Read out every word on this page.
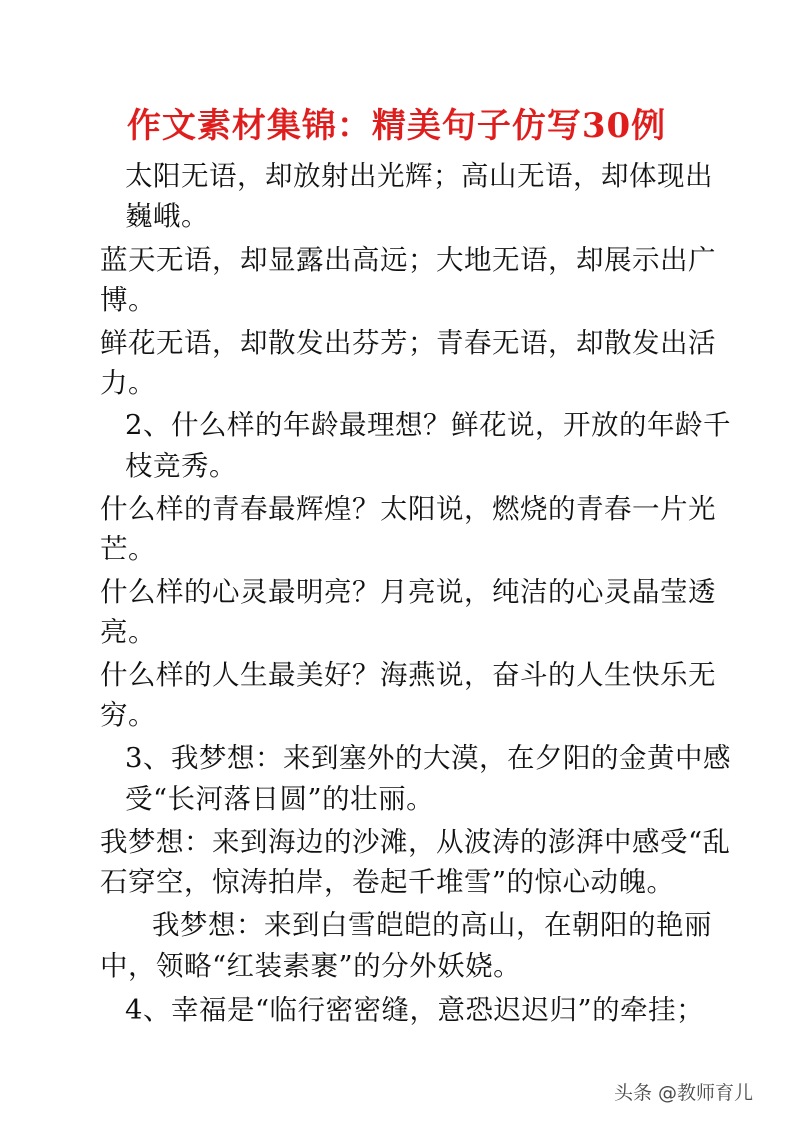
作文素材集锦：精美句子仿写30例
太阳无语，却放射出光辉；高山无语，却体现出
巍峨。
蓝天无语，却显露出高远；大地无语，却展示出广
博。
鲜花无语，却散发出芬芳；青春无语，却散发出活
力。
2、什么样的年龄最理想？鲜花说，开放的年龄千
枝竞秀。
什么样的青春最辉煌？太阳说，燃烧的青春一片光
芒。
什么样的心灵最明亮？月亮说，纯洁的心灵晶莹透
亮。
什么样的人生最美好？海燕说，奋斗的人生快乐无
穷。
3、我梦想：来到塞外的大漠，在夕阳的金黄中感
受“长河落日圆”的壮丽。
我梦想：来到海边的沙滩，从波涛的澎湃中感受“乱
石穿空，惊涛拍岸，卷起千堆雪”的惊心动魄。
我梦想：来到白雪皑皑的高山，在朝阳的艳丽
中，领略“红装素裹”的分外妖娆。
4、幸福是“临行密密缝，意恐迟迟归”的牵挂；
头条 @教师育儿
